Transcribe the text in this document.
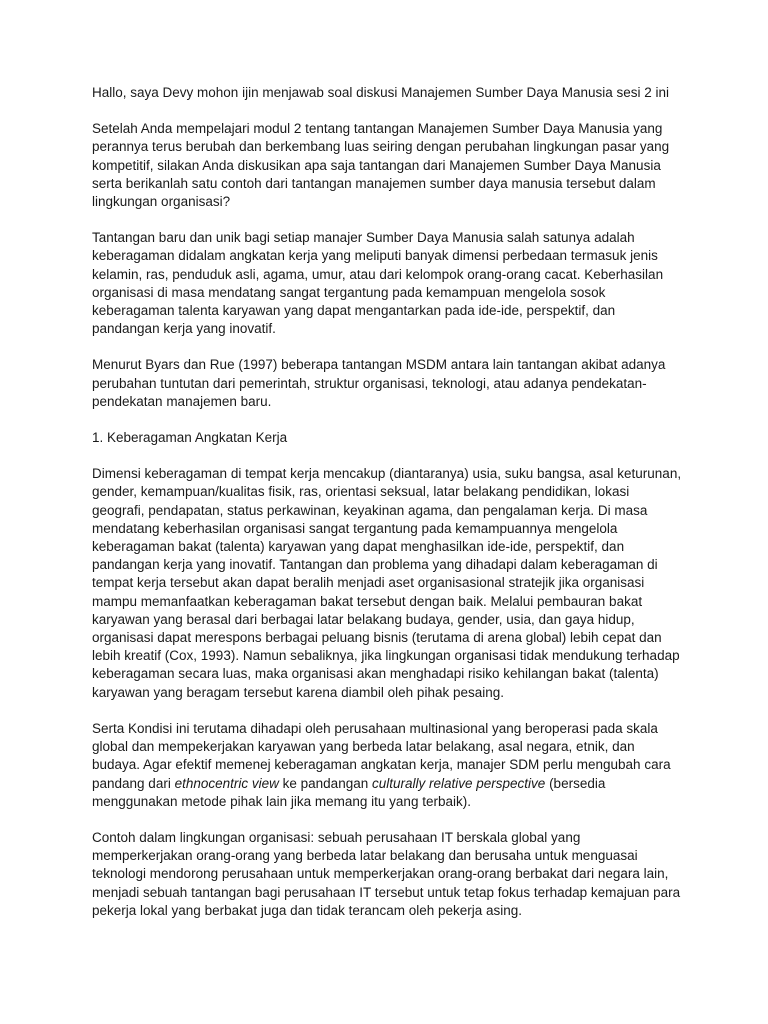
Hallo, saya Devy mohon ijin menjawab soal diskusi Manajemen Sumber Daya Manusia sesi 2 ini

Setelah Anda mempelajari modul 2 tentang tantangan Manajemen Sumber Daya Manusia yang perannya terus berubah dan berkembang luas seiring dengan perubahan lingkungan pasar yang kompetitif, silakan Anda diskusikan apa saja tantangan dari Manajemen Sumber Daya Manusia serta berikanlah satu contoh dari tantangan manajemen sumber daya manusia tersebut dalam lingkungan organisasi?

Tantangan baru dan unik bagi setiap manajer Sumber Daya Manusia salah satunya adalah keberagaman didalam angkatan kerja yang meliputi banyak dimensi perbedaan termasuk jenis kelamin, ras, penduduk asli, agama, umur, atau dari kelompok orang-orang cacat. Keberhasilan organisasi di masa mendatang sangat tergantung pada kemampuan mengelola sosok keberagaman talenta karyawan yang dapat mengantarkan pada ide-ide, perspektif, dan pandangan kerja yang inovatif.

Menurut Byars dan Rue (1997) beberapa tantangan MSDM antara lain tantangan akibat adanya perubahan tuntutan dari pemerintah, struktur organisasi, teknologi, atau adanya pendekatan-pendekatan manajemen baru.

1. Keberagaman Angkatan Kerja

Dimensi keberagaman di tempat kerja mencakup (diantaranya) usia, suku bangsa, asal keturunan, gender, kemampuan/kualitas fisik, ras, orientasi seksual, latar belakang pendidikan, lokasi geografi, pendapatan, status perkawinan, keyakinan agama, dan pengalaman kerja. Di masa mendatang keberhasilan organisasi sangat tergantung pada kemampuannya mengelola keberagaman bakat (talenta) karyawan yang dapat menghasilkan ide-ide, perspektif, dan pandangan kerja yang inovatif. Tantangan dan problema yang dihadapi dalam keberagaman di tempat kerja tersebut akan dapat beralih menjadi aset organisasional stratejik jika organisasi mampu memanfaatkan keberagaman bakat tersebut dengan baik. Melalui pembauran bakat karyawan yang berasal dari berbagai latar belakang budaya, gender, usia, dan gaya hidup, organisasi dapat merespons berbagai peluang bisnis (terutama di arena global) lebih cepat dan lebih kreatif (Cox, 1993). Namun sebaliknya, jika lingkungan organisasi tidak mendukung terhadap keberagaman secara luas, maka organisasi akan menghadapi risiko kehilangan bakat (talenta) karyawan yang beragam tersebut karena diambil oleh pihak pesaing.

Serta Kondisi ini terutama dihadapi oleh perusahaan multinasional yang beroperasi pada skala global dan mempekerjakan karyawan yang berbeda latar belakang, asal negara, etnik, dan budaya. Agar efektif memenej keberagaman angkatan kerja, manajer SDM perlu mengubah cara pandang dari ethnocentric view ke pandangan culturally relative perspective (bersedia menggunakan metode pihak lain jika memang itu yang terbaik).

Contoh dalam lingkungan organisasi: sebuah perusahaan IT berskala global yang memperkerjakan orang-orang yang berbeda latar belakang dan berusaha untuk menguasai teknologi mendorong perusahaan untuk memperkerjakan orang-orang berbakat dari negara lain, menjadi sebuah tantangan bagi perusahaan IT tersebut untuk tetap fokus terhadap kemajuan para pekerja lokal yang berbakat juga dan tidak terancam oleh pekerja asing.
